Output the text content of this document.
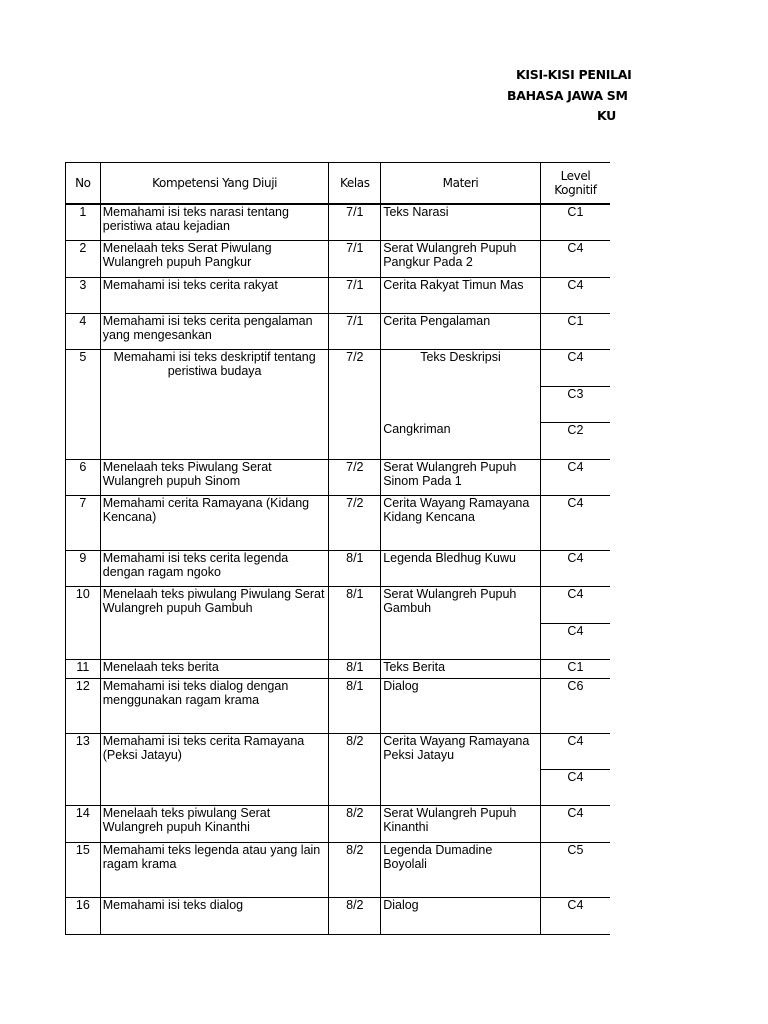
KISI-KISI PENILAI
BAHASA JAWA SM
KU
No	Kompetensi Yang Diuji	Kelas	Materi	Level Kognitif
1	Memahami isi teks narasi tentang peristiwa atau kejadian	7/1	Teks Narasi	C1
2	Menelaah teks Serat Piwulang Wulangreh pupuh Pangkur	7/1	Serat Wulangreh Pupuh Pangkur Pada 2	C4
3	Memahami isi teks cerita rakyat	7/1	Cerita Rakyat Timun Mas	C4
4	Memahami isi teks cerita pengalaman yang mengesankan	7/1	Cerita Pengalaman	C1
5	Memahami isi teks deskriptif tentang peristiwa budaya	7/2	Teks Deskripsi	C4
				C3
			Cangkriman	C2
6	Menelaah teks Piwulang Serat Wulangreh pupuh Sinom	7/2	Serat Wulangreh Pupuh Sinom Pada 1	C4
7	Memahami cerita Ramayana (Kidang Kencana)	7/2	Cerita Wayang Ramayana Kidang Kencana	C4
9	Memahami isi teks cerita legenda dengan ragam ngoko	8/1	Legenda Bledhug Kuwu	C4
10	Menelaah teks piwulang Piwulang Serat Wulangreh pupuh Gambuh	8/1	Serat Wulangreh Pupuh Gambuh	C4
				C4
11	Menelaah teks berita	8/1	Teks Berita	C1
12	Memahami isi teks dialog dengan menggunakan ragam krama	8/1	Dialog	C6
13	Memahami isi teks cerita Ramayana (Peksi Jatayu)	8/2	Cerita Wayang Ramayana Peksi Jatayu	C4
				C4
14	Menelaah teks piwulang Serat Wulangreh pupuh Kinanthi	8/2	Serat Wulangreh Pupuh Kinanthi	C4
15	Memahami teks legenda atau yang lain ragam krama	8/2	Legenda Dumadine Boyolali	C5
16	Memahami isi teks dialog	8/2	Dialog	C4
